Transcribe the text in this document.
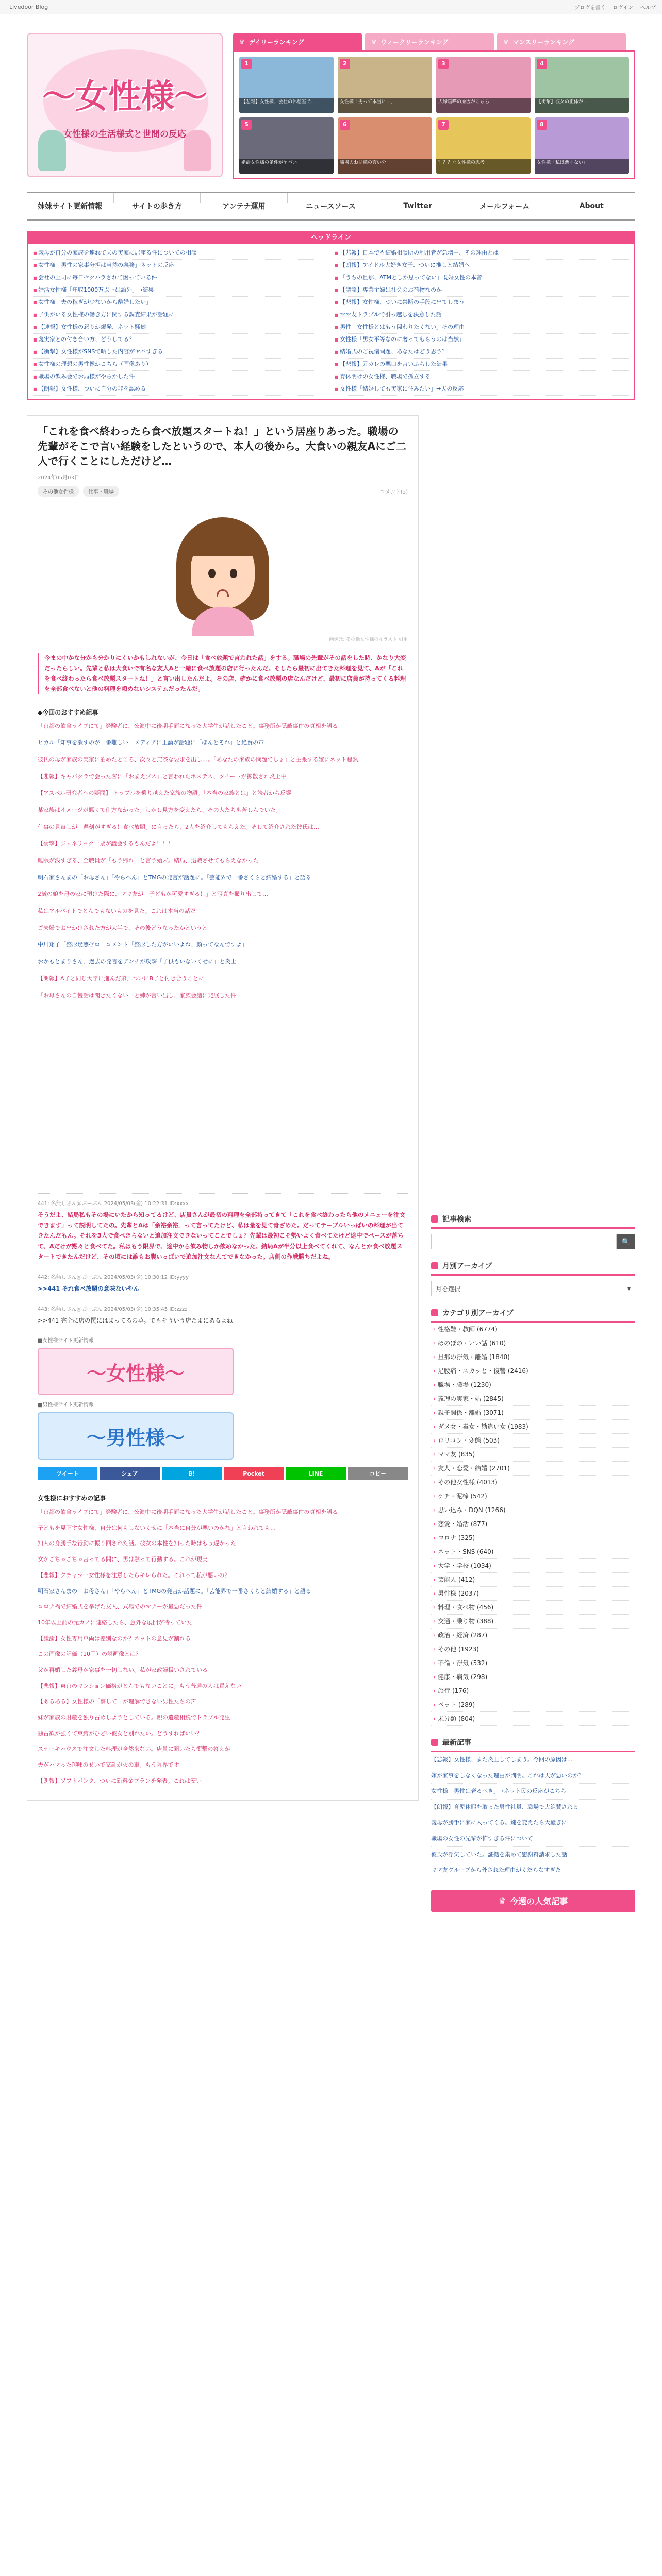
Livedoor Blog	ブログを書く ログイン ヘルプ
〜女性様〜
女性様の生活様式と世間の反応
♛ デイリーランキング	♛ ウィークリーランキング	♛ マンスリーランキング
1
【悲報】女性様、会社の休憩室で...
2
女性様「男って本当に...」
3
夫婦喧嘩の原因がこちら
4
【衝撃】彼女の正体が...
5
婚活女性様の条件がヤバい
6
職場のお局様の言い分
7
？？？な女性様の思考
8
女性様「私は悪くない」
姉妹サイト更新情報	サイトの歩き方	アンテナ運用	ニュースソース	Twitter	メールフォーム	About
ヘッドライン
■ 義母が自分の家族を連れて夫の実家に居座る件についての相談	■ 【悲報】日本でも結婚相談所の利用者が急増中、その理由とは
■ 女性様「男性の家事分担は当然の義務」ネットの反応	■ 【朗報】アイドル大好き女子、ついに推しと結婚へ
■ 会社の上司に毎日セクハラされて困っている件	■ 「うちの旦那、ATMとしか思ってない」既婚女性の本音
■ 婚活女性様「年収1000万以下は論外」→結果	■ 【議論】専業主婦は社会のお荷物なのか
■ 女性様「夫の稼ぎが少ないから離婚したい」	■ 【悲報】女性様、ついに禁断の手段に出てしまう
■ 子供がいる女性様の働き方に関する調査結果が話題に	■ ママ友トラブルで引っ越しを決意した話
■ 【速報】女性様の怒りが爆発、ネット騒然	■ 男性「女性様とはもう関わりたくない」その理由
■ 義実家との付き合い方、どうしてる？	■ 女性様「男女平等なのに奢ってもらうのは当然」
■ 【衝撃】女性様がSNSで晒した内容がヤバすぎる	■ 結婚式のご祝儀問題、あなたはどう思う？
■ 女性様の理想の男性像がこちら（画像あり）	■ 【悲報】元カレの悪口を言いふらした結果
■ 職場の飲み会でお局様がやらかした件	■ 育休明けの女性様、職場で孤立する
■ 【朗報】女性様、ついに自分の非を認める	■ 女性様「結婚しても実家に住みたい」→夫の反応
「これを食べ終わったら食べ放題スタートね！」という居座りあった。職場の先輩がそこで言い経験をしたというので、本人の後から。大食いの親友Aにご二人で行くことにしただけど…
2024年05月03日
その他女性様	仕事・職場	コメント(3)
画像元: その他女性様のイラスト 引用

今まの中かな分かも分かりにくいかもしれないが、今日は「食べ放題で言われた話」をする。職場の先輩がその話をした時、かなり大変だったらしい。先輩と私は大食いで有名な友人Aと一緒に食べ放題の店に行ったんだ。そしたら最初に出てきた料理を見て、Aが「これを食べ終わったら食べ放題スタートね！」と言い出したんだよ。その店、確かに食べ放題の店なんだけど、最初に店員が持ってくる料理を全部食べないと他の料理を頼めないシステムだったんだ。

◆今回のおすすめ記事
「京都の飲食ライブにて」経験者に、公演中に後期手面になった大学生が話したこと。事務所が隠蔽事件の真相を語る
ヒカル「知事を潰すのが一番難しい」メディアに正論が話題に「ほんとそれ」と絶賛の声
彼氏の母が家族の実家に泊めたところ、次々と無茶な要求を出し…。「あなたの家族の問題でしょ」と主張する嫁にネット騒然
【悲報】キャバクラで会った客に「おまえブス」と言われたホステス、ツイートが拡散され炎上中
【アスベル研究者への疑問】 トラブルを乗り越えた家族の物語。「本当の家族とは」と読者から反響
某家族はイメージが悪くて仕方なかった。しかし見方を変えたら、その人たちも苦しんでいた。
仕事の見直しが「遅刻がすぎる！食べ放題」に言ったら、2人を紹介してもらえた。そして紹介された彼氏は…
【衝撃】ジェネリック一票が議会するもんだよ！！！
睡眠が浅すぎる、全職員が「もう帰れ」と言う始末。結局、退職させてもらえなかった
明石家さんまの「お母さん」「やらへん」とTMGの発言が話題に。「芸能界で一番さくらと結婚する」と語る
2歳の娘を母の家に預けた際に、ママ友が「子どもが可愛すぎる！」と写真を撮り出して…
私はアルバイトでとんでもないものを見た。これは本当の話だ
ご夫婦でお出かけされた方が大半で、その後どうなったかというと
中川翔子「整形疑惑ゼロ」コメント「整形した方がいいよね、顔ってなんですよ」
おかもとまりさん、過去の発言をアンチが攻撃「子供もいないくせに」と炎上
【朗報】A子と同じ大学に進んだ弟、ついにB子と付き合うことに
「お母さんの自慢話は聞きたくない」と姉が言い出し、家族会議に発展した件
441: 名無しさん＠おーぷん 2024/05/03(金) 10:22:31 ID:xxxx
そうだよ、結局私もその場にいたから知ってるけど、店員さんが最初の料理を全部持ってきて「これを食べ終わったら他のメニューを注文できます」って説明してたの。先輩とAは「余裕余裕」って言ってたけど、私は量を見て青ざめた。だってテーブルいっぱいの料理が出てきたんだもん。それを3人で食べきらないと追加注文できないってことでしょ？先輩は最初こそ勢いよく食べてたけど途中でペースが落ちて、Aだけが黙々と食べてた。私はもう限界で、途中から飲み物しか飲めなかった。結局Aが半分以上食べてくれて、なんとか食べ放題スタートできたんだけど、その頃には誰もお腹いっぱいで追加注文なんてできなかった。店側の作戦勝ちだよね。
442: 名無しさん＠おーぷん 2024/05/03(金) 10:30:12 ID:yyyy
>>441 それ食べ放題の意味ないやん
443: 名無しさん＠おーぷん 2024/05/03(金) 10:35:45 ID:zzzz
>>441 完全に店の罠にはまってるの草。でもそういう店たまにあるよね
■女性様サイト更新情報
〜女性様〜
■男性様サイト更新情報
〜男性様〜
ツイート	シェア	B!	Pocket	LINE	コピー
女性様におすすめの記事
「京都の飲食ライブにて」経験者に、公演中に後期手面になった大学生が話したこと。事務所が隠蔽事件の真相を語る
子どもを見下す女性様、自分は何もしないくせに「本当に自分が悪いのかな」と言われても…
知人の身勝手な行動に振り回された話。彼女の本性を知った時はもう遅かった
女がごちゃごちゃ言ってる間に、男は黙って行動する。これが現実
【悲報】クチャラー女性様を注意したらキレられた。これって私が悪いの？
明石家さんまの「お母さん」「やらへん」とTMGの発言が話題に。「芸能界で一番さくらと結婚する」と語る
コロナ禍で結婚式を挙げた友人、式場でのマナーが最悪だった件
10年以上前の元カノに連絡したら、意外な展開が待っていた
【議論】女性専用車両は差別なのか？ネットの意見が割れる
この画像の評価（10円）の謎画像とは？
父が再婚した義母が家事を一切しない。私が家政婦扱いされている
【悲報】東京のマンション価格がとんでもないことに。もう普通の人は買えない
【あるある】女性様の「察して」が理解できない男性たちの声
妹が家族の財産を独り占めしようとしている。親の遺産相続でトラブル発生
独占欲が強くて束縛がひどい彼女と別れたい。どうすればいい？
ステーキハウスで注文した料理が全然来ない。店員に聞いたら衝撃の答えが
夫がハマった趣味のせいで家計が火の車。もう限界です
【朗報】ソフトバンク、ついに新料金プランを発表。これは安い
記事検索
🔍
月別アーカイブ
月を選択	▾
カテゴリ別アーカイブ
› 性格難・教師 (6774)
› ほのぼの・いい話 (610)
› 旦那の浮気・離婚 (1840)
› 足腰痛・スカッと・復讐 (2416)
› 職場・職場 (1230)
› 義理の実家・姑 (2845)
› 親子関係・離婚 (3071)
› ダメ女・毒女・勘違い女 (1983)
› ロリコン・変態 (503)
› ママ友 (835)
› 友人・恋愛・結婚 (2701)
› その他女性様 (4013)
› ケチ・泥棒 (542)
› 思い込み・DQN (1266)
› 恋愛・婚活 (877)
› コロナ (325)
› ネット・SNS (640)
› 大学・学校 (1034)
› 芸能人 (412)
› 男性様 (2037)
› 料理・食べ物 (456)
› 交通・乗り物 (388)
› 政治・経済 (287)
› その他 (1923)
› 不倫・浮気 (532)
› 健康・病気 (298)
› 旅行 (176)
› ペット (289)
› 未分類 (804)
最新記事
【悲報】女性様、また炎上してしまう。今回の原因は...
嫁が家事をしなくなった理由が判明。これは夫が悪いのか？
女性様「男性は奢るべき」→ネット民の反応がこちら
【朗報】育児休暇を取った男性社員、職場で大絶賛される
義母が勝手に家に入ってくる。鍵を変えたら大騒ぎに
職場の女性の先輩が怖すぎる件について
彼氏が浮気していた。証拠を集めて慰謝料請求した話
ママ友グループから外された理由がくだらなすぎた
♛ 今週の人気記事
